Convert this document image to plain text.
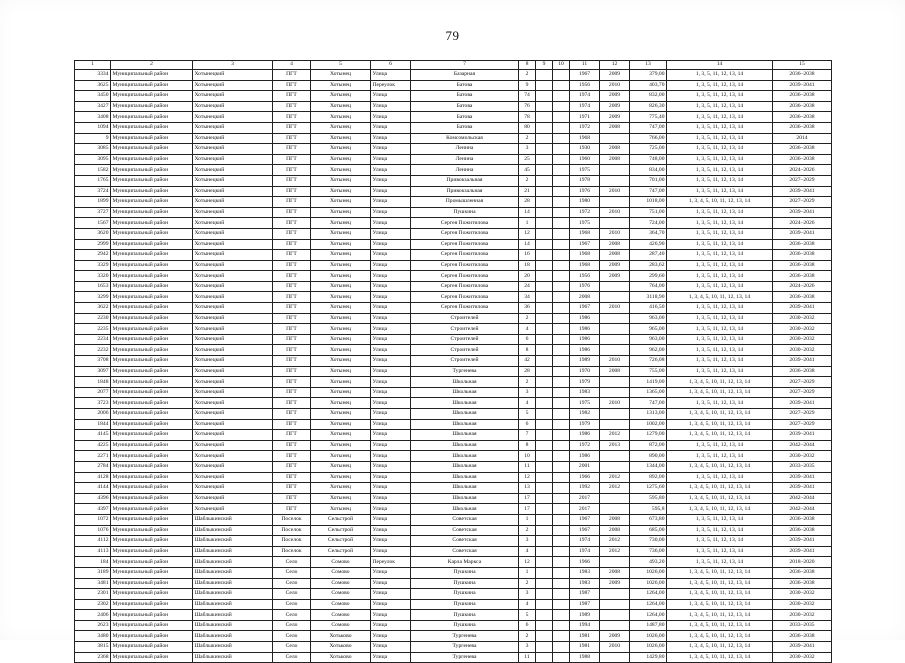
79
1	2	3	4	5	6	7	8	9	10	11	12	13	14	15
3334	Муниципальный район	Хотынецкий	ПГТ	Хотынец	Улица	Базарная	2			1967	2009	379,00	1, 3, 5, 11, 12, 13, 14	2036–2038
3625	Муниципальный район	Хотынецкий	ПГТ	Хотынец	Переулок	Батова	9			1956	2010	403,70	1, 3, 5, 11, 12, 13, 14	2039–2041
3450	Муниципальный район	Хотынецкий	ПГТ	Хотынец	Улица	Батова	74			1974	2009	832,00	1, 3, 5, 11, 12, 13, 14	2036–2038
3427	Муниципальный район	Хотынецкий	ПГТ	Хотынец	Улица	Батова	76			1974	2009	826,30	1, 3, 5, 11, 12, 13, 14	2036–2038
3408	Муниципальный район	Хотынецкий	ПГТ	Хотынец	Улица	Батова	78			1971	2009	775,40	1, 3, 5, 11, 12, 13, 14	2036–2038
1094	Муниципальный район	Хотынецкий	ПГТ	Хотынец	Улица	Батова	80			1972	2008	747,00	1, 3, 5, 11, 12, 13, 14	2036–2038
9	Муниципальный район	Хотынецкий	ПГТ	Хотынец	Улица	Комсомольская	2			1968		766,00	1, 3, 5, 11, 12, 13, 14	2014
3085	Муниципальный район	Хотынецкий	ПГТ	Хотынец	Улица	Ленина	3			1930	2008	725,00	1, 3, 5, 11, 12, 13, 14	2036–2038
3095	Муниципальный район	Хотынецкий	ПГТ	Хотынец	Улица	Ленина	25			1960	2008	748,00	1, 3, 5, 11, 12, 13, 14	2036–2038
1582	Муниципальный район	Хотынецкий	ПГТ	Хотынец	Улица	Ленина	45			1975		834,00	1, 3, 5, 11, 12, 13, 14	2024–2026
1765	Муниципальный район	Хотынецкий	ПГТ	Хотынец	Улица	Привокзальная	2			1978		701,00	1, 3, 5, 11, 12, 13, 14	2027–2029
3724	Муниципальный район	Хотынецкий	ПГТ	Хотынец	Улица	Привокзальная	21			1976	2010	747,00	1, 3, 5, 11, 12, 13, 14	2039–2041
1899	Муниципальный район	Хотынецкий	ПГТ	Хотынец	Улица	Промышленная	28			1980		1018,00	1, 3, 4, 5, 10, 11, 12, 13, 14	2027–2029
3727	Муниципальный район	Хотынецкий	ПГТ	Хотынец	Улица	Пушкина	14			1972	2010	751,00	1, 3, 5, 11, 12, 13, 14	2039–2041
1567	Муниципальный район	Хотынецкий	ПГТ	Хотынец	Улица	Сергея Пожитилова	1			1975		724,00	1, 3, 5, 11, 12, 13, 14	2024–2026
3620	Муниципальный район	Хотынецкий	ПГТ	Хотынец	Улица	Сергея Пожитилова	12			1968	2010	364,70	1, 3, 5, 11, 12, 13, 14	2039–2041
2999	Муниципальный район	Хотынецкий	ПГТ	Хотынец	Улица	Сергея Пожитилова	14			1967	2008	426,90	1, 3, 5, 11, 12, 13, 14	2036–2038
2942	Муниципальный район	Хотынецкий	ПГТ	Хотынец	Улица	Сергея Пожитилова	16			1968	2008	287,40	1, 3, 5, 11, 12, 13, 14	2036–2038
3329	Муниципальный район	Хотынецкий	ПГТ	Хотынец	Улица	Сергея Пожитилова	18			1968	2009	283,62	1, 3, 5, 11, 12, 13, 14	2036–2038
3320	Муниципальный район	Хотынецкий	ПГТ	Хотынец	Улица	Сергея Пожитилова	20			1956	2009	299,60	1, 3, 5, 11, 12, 13, 14	2036–2038
1653	Муниципальный район	Хотынецкий	ПГТ	Хотынец	Улица	Сергея Пожитилова	24			1976		764,00	1, 3, 5, 11, 12, 13, 14	2024–2026
3299	Муниципальный район	Хотынецкий	ПГТ	Хотынец	Улица	Сергея Пожитилова	34			2008		3118,90	1, 3, 4, 5, 10, 11, 12, 13, 14	2036–2038
3622	Муниципальный район	Хотынецкий	ПГТ	Хотынец	Улица	Сергея Пожитилова	36			1967	2010	416,50	1, 3, 5, 11, 12, 13, 14	2039–2041
2230	Муниципальный район	Хотынецкий	ПГТ	Хотынец	Улица	Строителей	2			1986		963,00	1, 3, 5, 11, 12, 13, 14	2030–2032
2235	Муниципальный район	Хотынецкий	ПГТ	Хотынец	Улица	Строителей	4			1986		965,00	1, 3, 5, 11, 12, 13, 14	2030–2032
2234	Муниципальный район	Хотынецкий	ПГТ	Хотынец	Улица	Строителей	6			1986		963,00	1, 3, 5, 11, 12, 13, 14	2030–2032
2232	Муниципальный район	Хотынецкий	ПГТ	Хотынец	Улица	Строителей	8			1986		962,00	1, 3, 5, 11, 12, 13, 14	2030–2032
3708	Муниципальный район	Хотынецкий	ПГТ	Хотынец	Улица	Строителей	42			1989	2010	726,08	1, 3, 5, 11, 12, 13, 14	2039–2041
3097	Муниципальный район	Хотынецкий	ПГТ	Хотынец	Улица	Тургенева	28			1970	2008	755,00	1, 3, 5, 11, 12, 13, 14	2036–2038
1848	Муниципальный район	Хотынецкий	ПГТ	Хотынец	Улица	Школьная	2			1979		1419,00	1, 3, 4, 5, 10, 11, 12, 13, 14	2027–2029
2077	Муниципальный район	Хотынецкий	ПГТ	Хотынец	Улица	Школьная	3			1983		1365,00	1, 3, 4, 5, 10, 11, 12, 13, 14	2027–2029
3723	Муниципальный район	Хотынецкий	ПГТ	Хотынец	Улица	Школьная	4			1975	2010	747,00	1, 3, 5, 11, 12, 13, 14	2039–2041
2006	Муниципальный район	Хотынецкий	ПГТ	Хотынец	Улица	Школьная	5			1982		1313,00	1, 3, 4, 5, 10, 11, 12, 13, 14	2027–2029
1844	Муниципальный район	Хотынецкий	ПГТ	Хотынец	Улица	Школьная	6			1979		1002,00	1, 3, 4, 5, 10, 11, 12, 13, 14	2027–2029
4145	Муниципальный район	Хотынецкий	ПГТ	Хотынец	Улица	Школьная	7			1986	2012	1279,00	1, 3, 4, 5, 10, 11, 12, 13, 14	2039–2041
4225	Муниципальный район	Хотынецкий	ПГТ	Хотынец	Улица	Школьная	8			1972	2013	872,00	1, 3, 5, 11, 12, 13, 14	2042–2044
2271	Муниципальный район	Хотынецкий	ПГТ	Хотынец	Улица	Школьная	10			1986		890,00	1, 3, 5, 11, 12, 13, 14	2030–2032
2784	Муниципальный район	Хотынецкий	ПГТ	Хотынец	Улица	Школьная	11			2001		1344,00	1, 3, 4, 5, 10, 11, 12, 13, 14	2033–2035
4128	Муниципальный район	Хотынецкий	ПГТ	Хотынец	Улица	Школьная	12			1966	2012	892,00	1, 3, 5, 11, 12, 13, 14	2039–2041
4144	Муниципальный район	Хотынецкий	ПГТ	Хотынец	Улица	Школьная	13			1992	2012	1275,60	1, 3, 4, 5, 10, 11, 12, 13, 14	2039–2041
4396	Муниципальный район	Хотынецкий	ПГТ	Хотынец	Улица	Школьная	17			2017		595,80	1, 3, 4, 5, 10, 11, 12, 13, 14	2042–2044
4397	Муниципальный район	Хотынецкий	ПГТ	Хотынец	Улица	Школьная	17			2017		595,8	1, 3, 4, 5, 10, 11, 12, 13, 14	2042–2044
1072	Муниципальный район	Шаблыкинский	Поселок	Сельстрой	Улица	Советская	1			1967	2008	673,80	1, 3, 5, 11, 12, 13, 14	2036–2038
1076	Муниципальный район	Шаблыкинский	Поселок	Сельстрой	Улица	Советская	2			1967	2008	685,00	1, 3, 5, 11, 12, 13, 14	2036–2038
4112	Муниципальный район	Шаблыкинский	Поселок	Сельстрой	Улица	Советская	3			1974	2012	730,00	1, 3, 5, 11, 12, 13, 14	2039–2041
4113	Муниципальный район	Шаблыкинский	Поселок	Сельстрой	Улица	Советская	4			1974	2012	736,00	1, 3, 5, 11, 12, 13, 14	2039–2041
184	Муниципальный район	Шаблыкинский	Село	Сомово	Переулок	Карла Маркса	12			1966		493,20	1, 3, 5, 11, 12, 13, 14	2018–2020
3189	Муниципальный район	Шаблыкинский	Село	Сомово	Улица	Пушкина	1			1983	2008	1026,00	1, 3, 4, 5, 10, 11, 12, 13, 14	2036–2038
3481	Муниципальный район	Шаблыкинский	Село	Сомово	Улица	Пушкина	2			1983	2009	1026,00	1, 3, 4, 5, 10, 11, 12, 13, 14	2036–2038
2301	Муниципальный район	Шаблыкинский	Село	Сомово	Улица	Пушкина	3			1987		1264,00	1, 3, 4, 5, 10, 11, 12, 13, 14	2030–2032
2302	Муниципальный район	Шаблыкинский	Село	Сомово	Улица	Пушкина	4			1987		1264,00	1, 3, 4, 5, 10, 11, 12, 13, 14	2030–2032
2406	Муниципальный район	Шаблыкинский	Село	Сомово	Улица	Пушкина	5			1989		1264,00	1, 3, 4, 5, 10, 11, 12, 13, 14	2030–2032
2623	Муниципальный район	Шаблыкинский	Село	Сомово	Улица	Пушкина	6			1994		1487,80	1, 3, 4, 5, 10, 11, 12, 13, 14	2033–2035
3480	Муниципальный район	Шаблыкинский	Село	Хотьково	Улица	Тургенева	2			1981	2009	1026,00	1, 3, 4, 5, 10, 11, 12, 13, 14	2036–2038
3815	Муниципальный район	Шаблыкинский	Село	Хотьково	Улица	Тургенева	3			1981	2010	1026,00	1, 3, 4, 5, 10, 11, 12, 13, 14	2039–2041
2368	Муниципальный район	Шаблыкинский	Село	Хотьково	Улица	Тургенева	11			1988		1429,80	1, 3, 4, 5, 10, 11, 12, 13, 14	2030–2032
